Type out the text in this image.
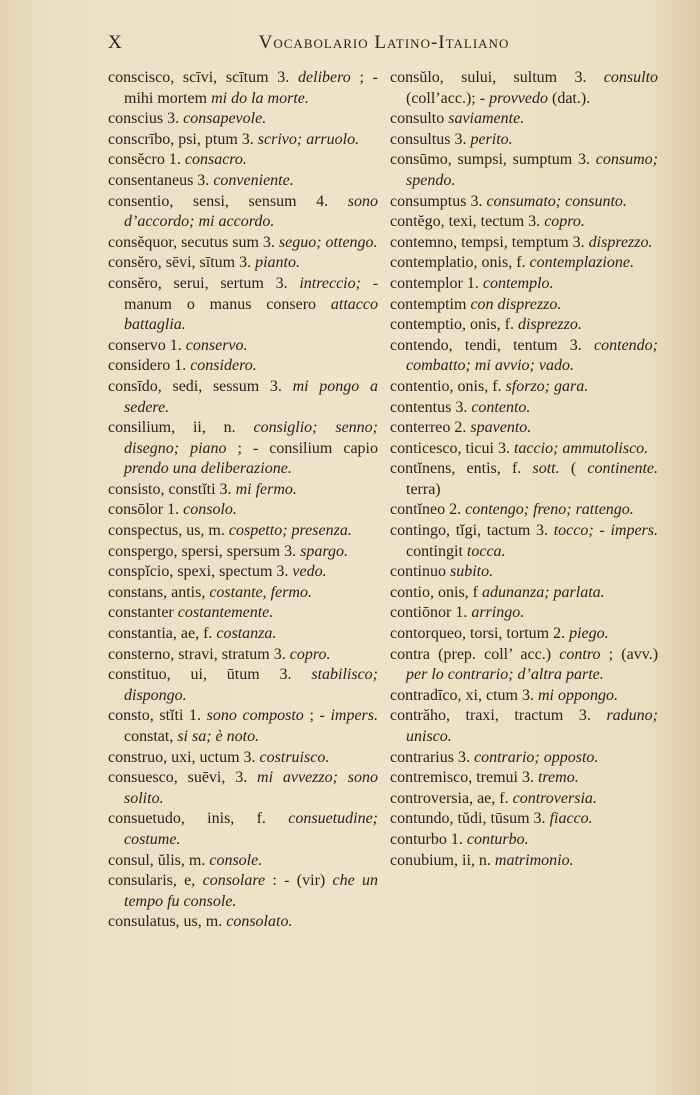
X	Vocabolario Latino-Italiano
conscisco, scīvi, scītum 3. delibero ; - mihi mortem mi do la morte.
conscius 3. consapevole.
conscrībo, psi, ptum 3. scrivo; arruolo.
consĕcro 1. consacro.
consentaneus 3. conveniente.
consentio, sensi, sensum 4. sono d’accordo; mi accordo.
consĕquor, secutus sum 3. seguo; ottengo.
consĕro, sēvi, sītum 3. pianto.
consĕro, serui, sertum 3. intreccio; - manum o manus consero attacco battaglia.
conservo 1. conservo.
considero 1. considero.
consīdo, sedi, sessum 3. mi pongo a sedere.
consilium, ii, n. consiglio; senno; disegno; piano ; - consilium capio prendo una deliberazione.
consisto, constĭti 3. mi fermo.
consōlor 1. consolo.
conspectus, us, m. cospetto; presenza.
conspergo, spersi, spersum 3. spargo.
conspĭcio, spexi, spectum 3. vedo.
constans, antis, costante, fermo.
constanter costantemente.
constantia, ae, f. costanza.
consterno, stravi, stratum 3. copro.
constituo, ui, ūtum 3. stabilisco; dispongo.
consto, stĭti 1. sono composto ; - impers. constat, si sa; è noto.
construo, uxi, uctum 3. costruisco.
consuesco, suēvi, 3. mi avvezzo; sono solito.
consuetudo, inis, f. consuetudine; costume.
consul, ŭlis, m. console.
consularis, e, consolare : - (vir) che un tempo fu console.
consulatus, us, m. consolato.
consŭlo, sului, sultum 3. consulto (coll’acc.); - provvedo (dat.).
consulto saviamente.
consultus 3. perito.
consūmo, sumpsi, sumptum 3. consumo; spendo.
consumptus 3. consumato; consunto.
contĕgo, texi, tectum 3. copro.
contemno, tempsi, temptum 3. disprezzo.
contemplatio, onis, f. contemplazione.
contemplor 1. contemplo.
contemptim con disprezzo.
contemptio, onis, f. disprezzo.
contendo, tendi, tentum 3. contendo; combatto; mi avvio; vado.
contentio, onis, f. sforzo; gara.
contentus 3. contento.
conterreo 2. spavento.
conticesco, ticui 3. taccio; ammutolisco.
contĭnens, entis, f. sott. ( continente. terra)
contĭneo 2. contengo; freno; rattengo.
contingo, tĭgi, tactum 3. tocco; - impers. contingit tocca.
continuo subito.
contio, onis, f adunanza; parlata.
contiōnor 1. arringo.
contorqueo, torsi, tortum 2. piego.
contra (prep. coll’ acc.) contro ; (avv.) per lo contrario; d’altra parte.
contradīco, xi, ctum 3. mi oppongo.
contrăho, traxi, tractum 3. raduno; unisco.
contrarius 3. contrario; opposto.
contremisco, tremui 3. tremo.
controversia, ae, f. controversia.
contundo, tŭdi, tūsum 3. fiacco.
conturbo 1. conturbo.
conubium, ii, n. matrimonio.
